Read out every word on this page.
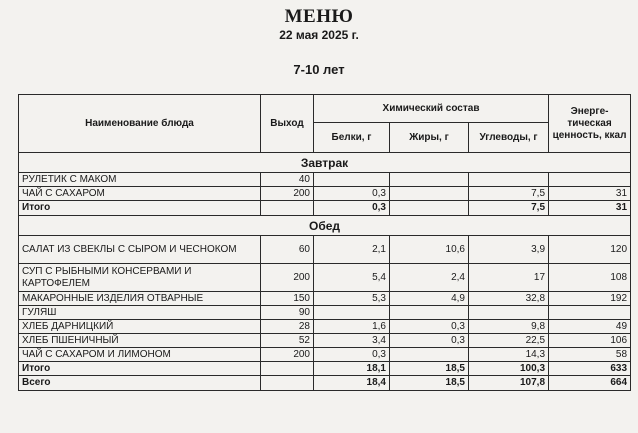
МЕНЮ
22 мая 2025 г.
7-10 лет
Наименование блюда	Выход	Химический состав			Энерге-тическая ценность, ккал
		Белки, г	Жиры, г	Углеводы, г	
Завтрак					
РУЛЕТИК С МАКОМ	40				
ЧАЙ С САХАРОМ	200	0,3		7,5	31
Итого		0,3		7,5	31
Обед					
САЛАТ ИЗ СВЕКЛЫ С СЫРОМ И ЧЕСНОКОМ	60	2,1	10,6	3,9	120
СУП С РЫБНЫМИ КОНСЕРВАМИ И КАРТОФЕЛЕМ	200	5,4	2,4	17	108
МАКАРОННЫЕ ИЗДЕЛИЯ ОТВАРНЫЕ	150	5,3	4,9	32,8	192
ГУЛЯШ	90				
ХЛЕБ ДАРНИЦКИЙ	28	1,6	0,3	9,8	49
ХЛЕБ ПШЕНИЧНЫЙ	52	3,4	0,3	22,5	106
ЧАЙ С САХАРОМ И ЛИМОНОМ	200	0,3		14,3	58
Итого		18,1	18,5	100,3	633
Всего		18,4	18,5	107,8	664
